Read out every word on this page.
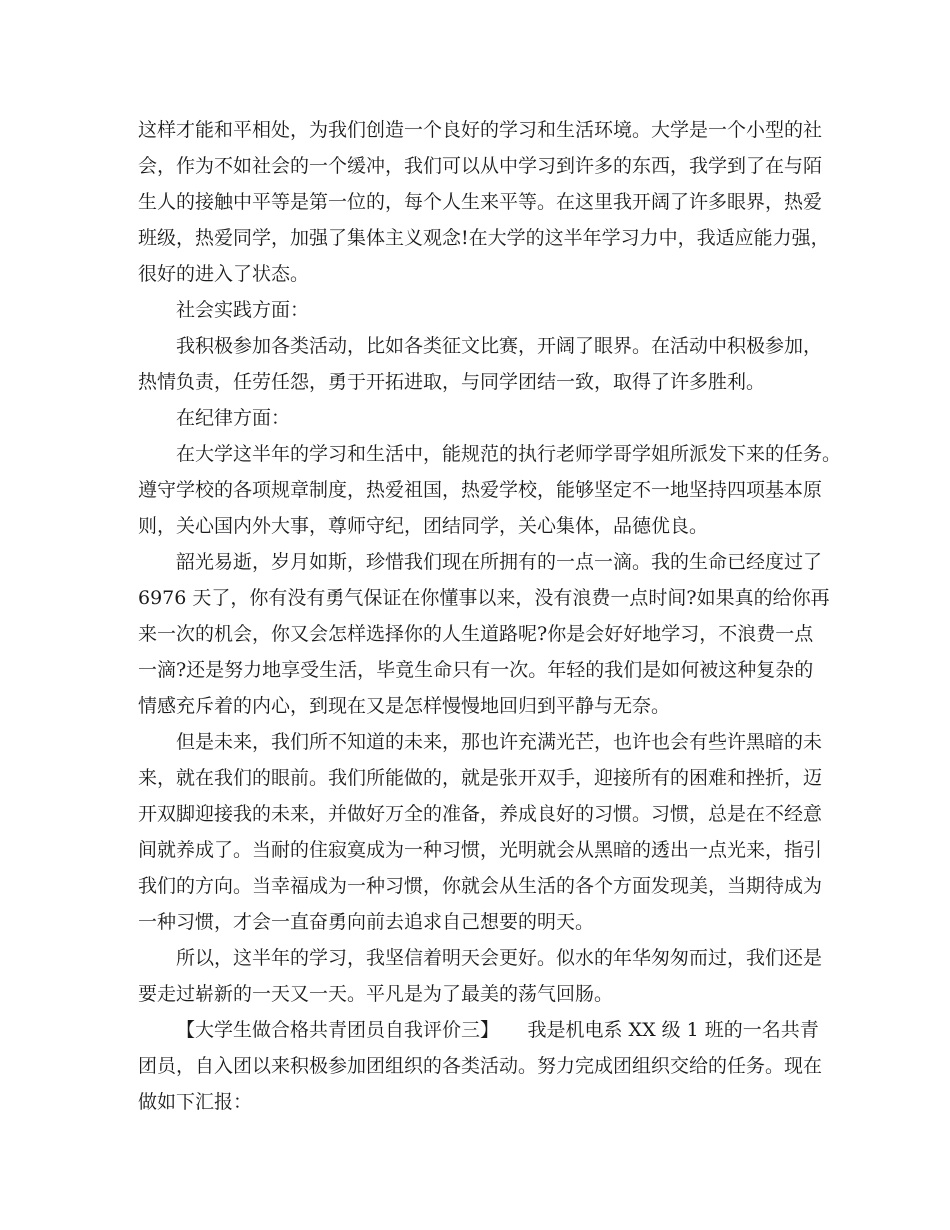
这样才能和平相处，为我们创造一个良好的学习和生活环境。大学是一个小型的社
会，作为不如社会的一个缓冲，我们可以从中学习到许多的东西，我学到了在与陌
生人的接触中平等是第一位的，每个人生来平等。在这里我开阔了许多眼界，热爱
班级，热爱同学，加强了集体主义观念!在大学的这半年学习力中，我适应能力强，
很好的进入了状态。
社会实践方面：
我积极参加各类活动，比如各类征文比赛，开阔了眼界。在活动中积极参加，
热情负责，任劳任怨，勇于开拓进取，与同学团结一致，取得了许多胜利。
在纪律方面：
在大学这半年的学习和生活中，能规范的执行老师学哥学姐所派发下来的任务。
遵守学校的各项规章制度，热爱祖国，热爱学校，能够坚定不一地坚持四项基本原
则，关心国内外大事，尊师守纪，团结同学，关心集体，品德优良。
韶光易逝，岁月如斯，珍惜我们现在所拥有的一点一滴。我的生命已经度过了
6976 天了，你有没有勇气保证在你懂事以来，没有浪费一点时间?如果真的给你再
来一次的机会，你又会怎样选择你的人生道路呢?你是会好好地学习，不浪费一点
一滴?还是努力地享受生活，毕竟生命只有一次。年轻的我们是如何被这种复杂的
情感充斥着的内心，到现在又是怎样慢慢地回归到平静与无奈。
但是未来，我们所不知道的未来，那也许充满光芒，也许也会有些许黑暗的未
来，就在我们的眼前。我们所能做的，就是张开双手，迎接所有的困难和挫折，迈
开双脚迎接我的未来，并做好万全的准备，养成良好的习惯。习惯，总是在不经意
间就养成了。当耐的住寂寞成为一种习惯，光明就会从黑暗的透出一点光来，指引
我们的方向。当幸福成为一种习惯，你就会从生活的各个方面发现美，当期待成为
一种习惯，才会一直奋勇向前去追求自己想要的明天。
所以，这半年的学习，我坚信着明天会更好。似水的年华匆匆而过，我们还是
要走过崭新的一天又一天。平凡是为了最美的荡气回肠。
【大学生做合格共青团员自我评价三】　　我是机电系 XX 级 1 班的一名共青
团员，自入团以来积极参加团组织的各类活动。努力完成团组织交给的任务。现在
做如下汇报：
